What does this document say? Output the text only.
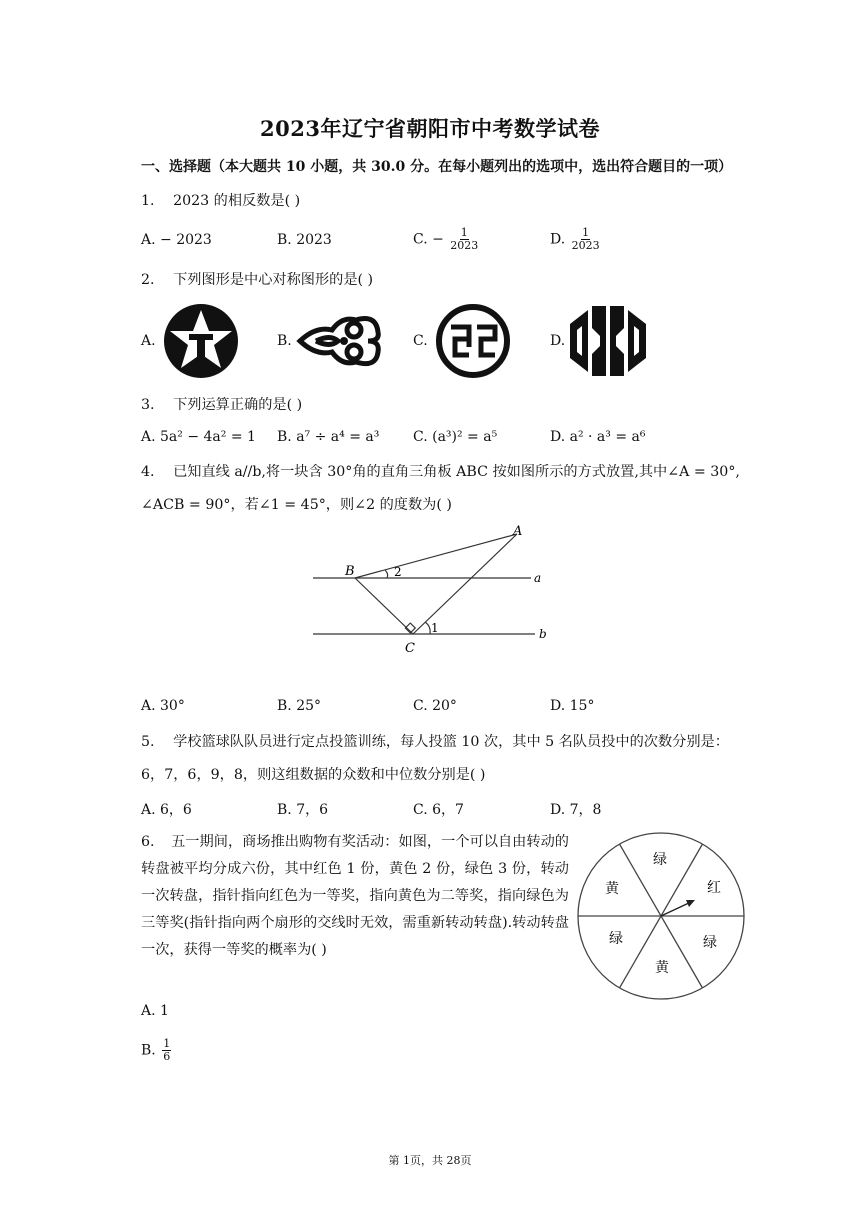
2023年辽宁省朝阳市中考数学试卷
一、选择题（本大题共 10 小题，共 30.0 分。在每小题列出的选项中，选出符合题目的一项）
1. 2023 的相反数是( )
A. − 2023	B. 2023	C. − $\frac{1}{2023}$	D. $\frac{1}{2023}$
2. 下列图形是中心对称图形的是( )
A.	B.	C.	D.
3. 下列运算正确的是( )
A. 5a² − 4a² = 1 B. a⁷ ÷ a⁴ = a³ C. (a³)² = a⁵	D. a² · a³ = a⁶
4. 已知直线 a//b,将一块含 30°角的直角三角板 ABC 按如图所示的方式放置,其中∠A = 30°,
∠ACB = 90°，若∠1 = 45°，则∠2 的度数为( )
A
B
C
a
b
2
1
A. 30°	B. 25°	C. 20°	D. 15°
5. 学校篮球队队员进行定点投篮训练，每人投篮 10 次，其中 5 名队员投中的次数分别是：
6，7，6，9，8，则这组数据的众数和中位数分别是( )
A. 6，6	B. 7，6	C. 6，7	D. 7，8
6. 五一期间，商场推出购物有奖活动：如图，一个可以自由转动的转盘被平均分成六份，其中红色 1 份，黄色 2 份，绿色 3 份，转动一次转盘，指针指向红色为一等奖，指向黄色为二等奖，指向绿色为三等奖(指针指向两个扇形的交线时无效，需重新转动转盘).转动转盘一次，获得一等奖的概率为( )
绿
红
绿
黄
绿
黄
A. 1
B. $\frac{1}{6}$
第 1页，共 28页
